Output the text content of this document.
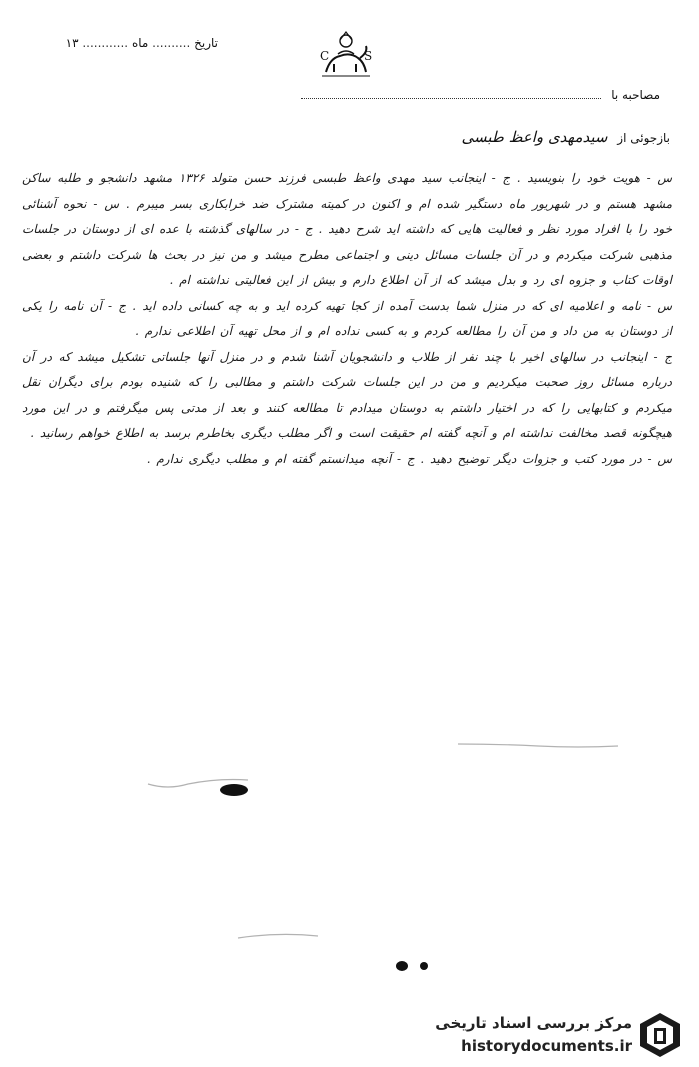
تاریخ .......... ماه ............ ۱۳
C	S
مصاحبه با
بازجوئی از سیدمهدی واعظ طبسی
س - هویت خود را بنویسید . ج - اینجانب سید مهدی واعظ طبسی فرزند حسن متولد ۱۳۲۶ مشهد دانشجو و طلبه ساکن مشهد هستم و در شهریور ماه دستگیر شده ام و اکنون در کمیته مشترک ضد خرابکاری بسر میبرم . س - نحوه آشنائی خود را با افراد مورد نظر و فعالیت هایی که داشته اید شرح دهید . ج - در سالهای گذشته با عده ای از دوستان در جلسات مذهبی شرکت میکردم و در آن جلسات مسائل دینی و اجتماعی مطرح میشد و من نیز در بحث ها شرکت داشتم و بعضی اوقات کتاب و جزوه ای رد و بدل میشد که از آن اطلاع دارم و بیش از این فعالیتی نداشته ام .
س - نامه و اعلامیه ای که در منزل شما بدست آمده از کجا تهیه کرده اید و به چه کسانی داده اید . ج - آن نامه را یکی از دوستان به من داد و من آن را مطالعه کردم و به کسی نداده ام و از محل تهیه آن اطلاعی ندارم .
ج - اینجانب در سالهای اخیر با چند نفر از طلاب و دانشجویان آشنا شدم و در منزل آنها جلساتی تشکیل میشد که در آن درباره مسائل روز صحبت میکردیم و من در این جلسات شرکت داشتم و مطالبی را که شنیده بودم برای دیگران نقل میکردم و کتابهایی را که در اختیار داشتم به دوستان میدادم تا مطالعه کنند و بعد از مدتی پس میگرفتم و در این مورد هیچگونه قصد مخالفت نداشته ام و آنچه گفته ام حقیقت است و اگر مطلب دیگری بخاطرم برسد به اطلاع خواهم رسانید .
س - در مورد کتب و جزوات دیگر توضیح دهید . ج - آنچه میدانستم گفته ام و مطلب دیگری ندارم .
مرکز بررسی اسناد تاریخی
historydocuments.ir
